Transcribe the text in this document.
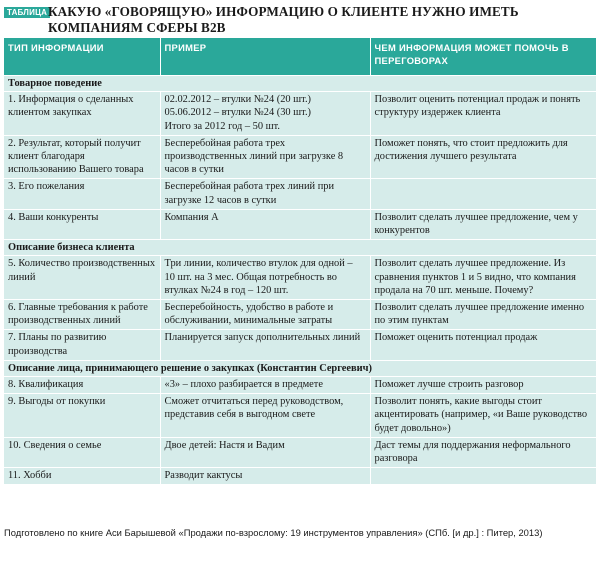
ТАБЛИЦА КАКУЮ «ГОВОРЯЩУЮ» ИНФОРМАЦИЮ О КЛИЕНТЕ НУЖНО ИМЕТЬ КОМПАНИЯМ СФЕРЫ B2B
ТИП ИНФОРМАЦИИ	ПРИМЕР	ЧЕМ ИНФОРМАЦИЯ МОЖЕТ ПОМОЧЬ В ПЕРЕГОВОРАХ
Товарное поведение		
1. Информация о сделанных клиентом закупках	02.02.2012 – втулки №24 (20 шт.)
05.06.2012 – втулки №24 (30 шт.)
Итого за 2012 год – 50 шт.	Позволит оценить потенциал продаж и понять структуру издержек клиента
2. Результат, который получит клиент благодаря использованию Вашего товара	Бесперебойная работа трех производственных линий при загрузке 8 часов в сутки	Поможет понять, что стоит предложить для достижения лучшего результата
3. Его пожелания	Бесперебойная работа трех линий при загрузке 12 часов в сутки	
4. Ваши конкуренты	Компания А	Позволит сделать лучшее предложение, чем у конкурентов
Описание бизнеса клиента		
5. Количество производственных линий	Три линии, количество втулок для одной – 10 шт. на 3 мес. Общая потребность во втулках №24 в год – 120 шт.	Позволит сделать лучшее предложение. Из сравнения пунктов 1 и 5 видно, что компания продала на 70 шт. меньше. Почему?
6. Главные требования к работе производственных линий	Бесперебойность, удобство в работе и обслуживании, минимальные затраты	Позволит сделать лучшее предложение именно по этим пунктам
7. Планы по развитию производства	Планируется запуск дополнительных линий	Поможет оценить потенциал продаж
Описание лица, принимающего решение о закупках (Константин Сергеевич)		
8. Квалификация	«3» – плохо разбирается в предмете	Поможет лучше строить разговор
9. Выгоды от покупки	Сможет отчитаться перед руководством, представив себя в выгодном свете	Позволит понять, какие выгоды стоит акцентировать (например, «и Ваше руководство будет довольно»)
10. Сведения о семье	Двое детей: Настя и Вадим	Даст темы для поддержания неформального разговора
11. Хобби	Разводит кактусы	
Подготовлено по книге Аси Барышевой «Продажи по-взрослому: 19 инструментов управления» (СПб. [и др.] : Питер, 2013)
